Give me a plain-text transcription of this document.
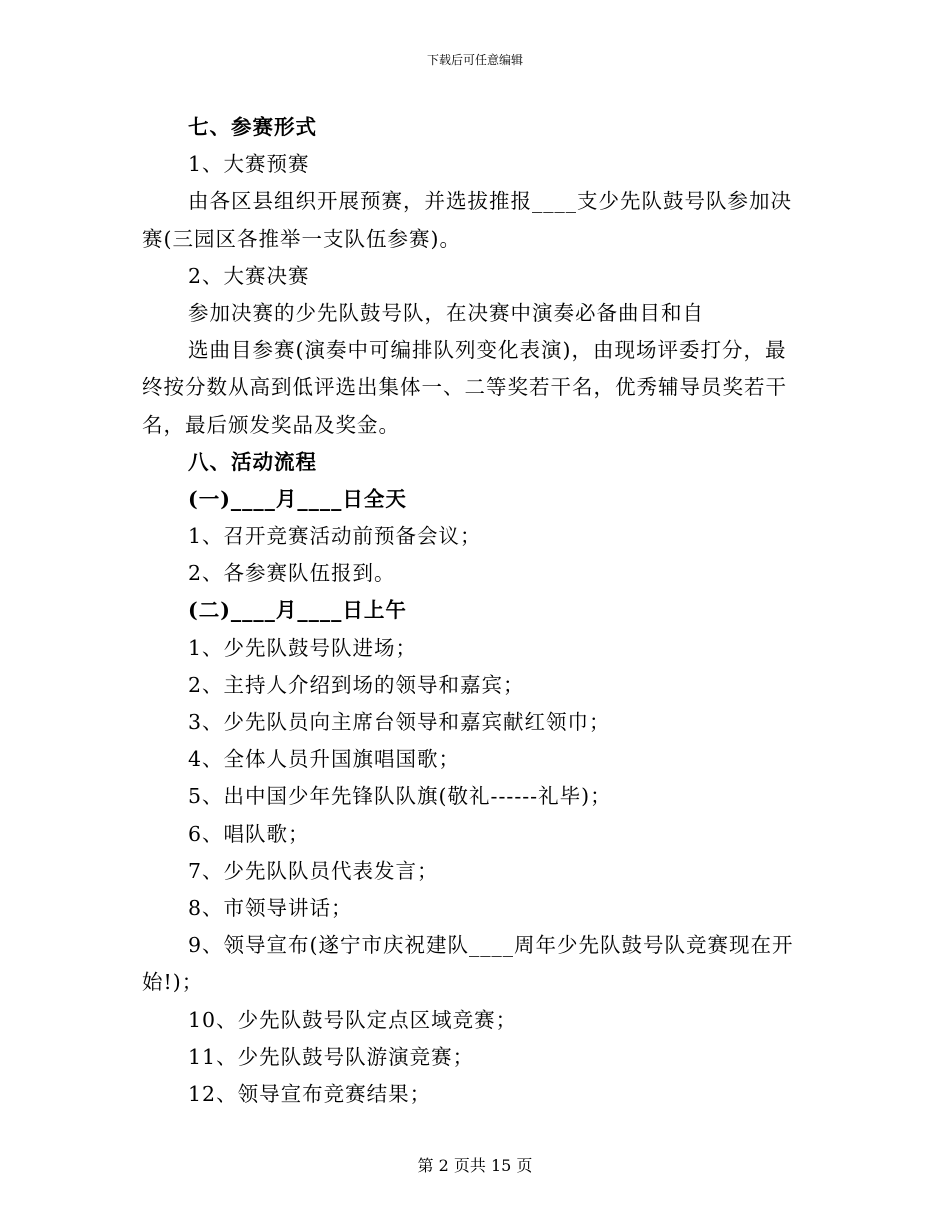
下载后可任意编辑
七、参赛形式
1、大赛预赛
由各区县组织开展预赛，并选拔推报____支少先队鼓号队参加决
赛(三园区各推举一支队伍参赛)。
2、大赛决赛
参加决赛的少先队鼓号队，在决赛中演奏必备曲目和自
选曲目参赛(演奏中可编排队列变化表演)，由现场评委打分，最
终按分数从高到低评选出集体一、二等奖若干名，优秀辅导员奖若干
名，最后颁发奖品及奖金。
八、活动流程
(一)____月____日全天
1、召开竞赛活动前预备会议；
2、各参赛队伍报到。
(二)____月____日上午
1、少先队鼓号队进场；
2、主持人介绍到场的领导和嘉宾；
3、少先队员向主席台领导和嘉宾献红领巾；
4、全体人员升国旗唱国歌；
5、出中国少年先锋队队旗(敬礼------礼毕)；
6、唱队歌；
7、少先队队员代表发言；
8、市领导讲话；
9、领导宣布(遂宁市庆祝建队____周年少先队鼓号队竞赛现在开
始!)；
10、少先队鼓号队定点区域竞赛；
11、少先队鼓号队游演竞赛；
12、领导宣布竞赛结果；
第 2 页共 15 页
